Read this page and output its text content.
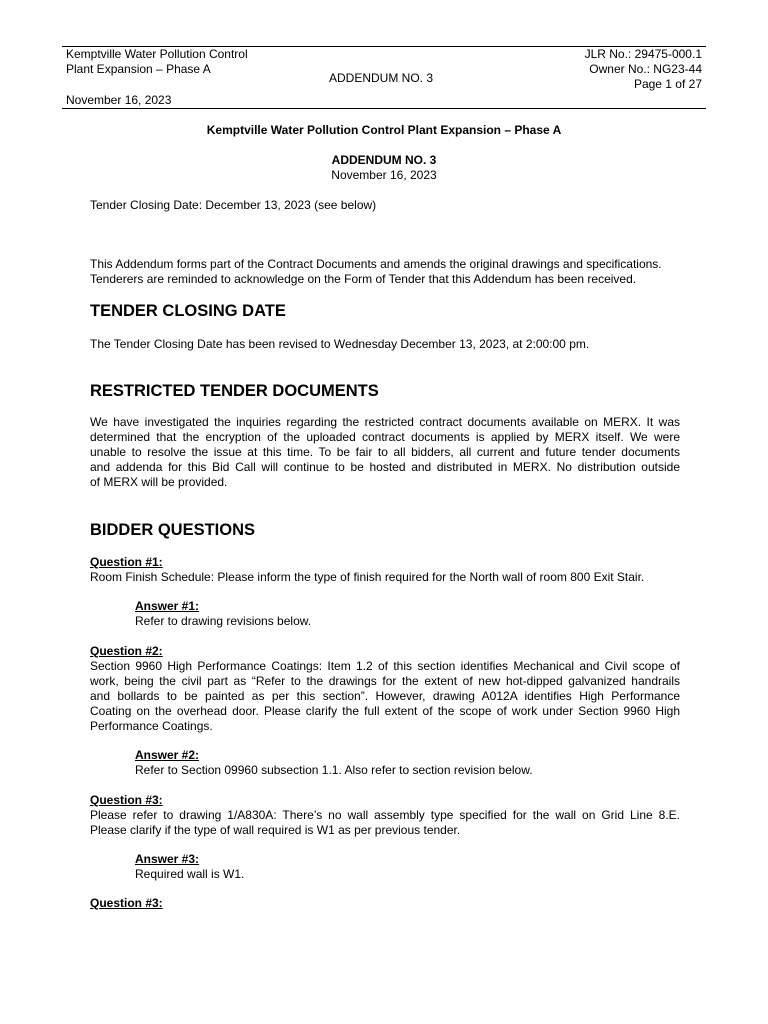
Kemptville Water Pollution Control
Plant Expansion – Phase A
November 16, 2023
ADDENDUM NO. 3
JLR No.: 29475-000.1
Owner No.: NG23-44
Page 1 of 27
Kemptville Water Pollution Control Plant Expansion – Phase A
ADDENDUM NO. 3
November 16, 2023
Tender Closing Date: December 13, 2023 (see below)
This Addendum forms part of the Contract Documents and amends the original drawings and specifications.
Tenderers are reminded to acknowledge on the Form of Tender that this Addendum has been received.
TENDER CLOSING DATE
The Tender Closing Date has been revised to Wednesday December 13, 2023, at 2:00:00 pm.
RESTRICTED TENDER DOCUMENTS
We have investigated the inquiries regarding the restricted contract documents available on MERX. It was
determined that the encryption of the uploaded contract documents is applied by MERX itself. We were
unable to resolve the issue at this time. To be fair to all bidders, all current and future tender documents
and addenda for this Bid Call will continue to be hosted and distributed in MERX. No distribution outside
of MERX will be provided.
BIDDER QUESTIONS
Question #1:
Room Finish Schedule: Please inform the type of finish required for the North wall of room 800 Exit Stair.
Answer #1:
Refer to drawing revisions below.
Question #2:
Section 9960 High Performance Coatings: Item 1.2 of this section identifies Mechanical and Civil scope of
work, being the civil part as “Refer to the drawings for the extent of new hot-dipped galvanized handrails
and bollards to be painted as per this section”. However, drawing A012A identifies High Performance
Coating on the overhead door. Please clarify the full extent of the scope of work under Section 9960 High
Performance Coatings.
Answer #2:
Refer to Section 09960 subsection 1.1. Also refer to section revision below.
Question #3:
Please refer to drawing 1/A830A: There’s no wall assembly type specified for the wall on Grid Line 8.E.
Please clarify if the type of wall required is W1 as per previous tender.
Answer #3:
Required wall is W1.
Question #3:
